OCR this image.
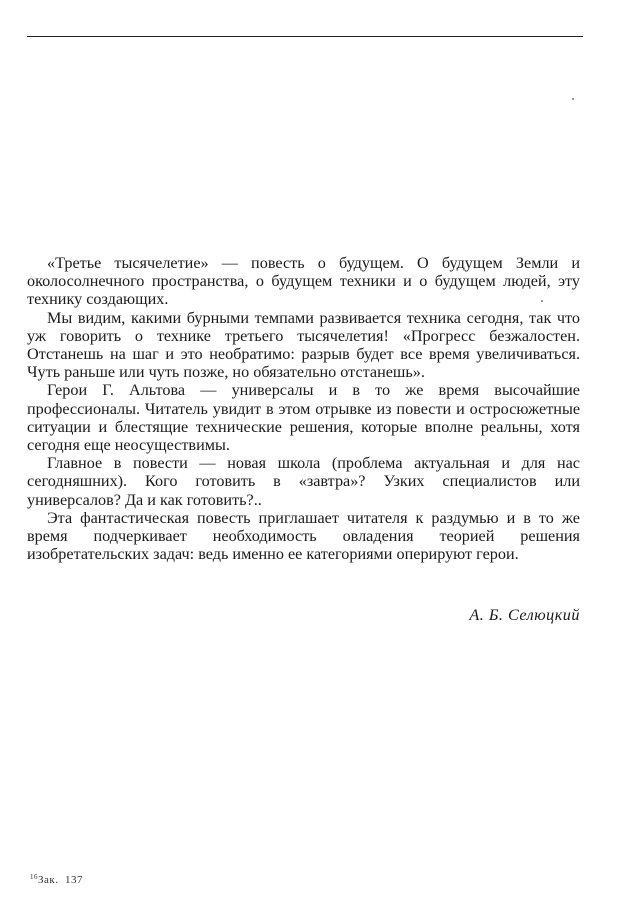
«Третье тысячелетие» — повесть о будущем. О будущем Земли и околосолнечного пространства, о будущем техники и о будущем людей, эту технику создающих.

Мы видим, какими бурными темпами развивается техника сегодня, так что уж говорить о технике третьего тысячелетия! «Прогресс безжалостен. Отстанешь на шаг и это необратимо: разрыв будет все время увеличиваться. Чуть раньше или чуть позже, но обязательно отстанешь».

Герои Г. Альтова — универсалы и в то же время высочайшие профессионалы. Читатель увидит в этом отрывке из повести и остросюжетные ситуации и блестящие технические решения, которые вполне реальны, хотя сегодня еще неосуществимы.

Главное в повести — новая школа (проблема актуальная и для нас сегодняшних). Кого готовить в «завтра»? Узких специалистов или универсалов? Да и как готовить?..

Эта фантастическая повесть приглашает читателя к раздумью и в то же время подчеркивает необходимость овладения теорией решения изобретательских задач: ведь именно ее категориями оперируют герои.

А. Б. Селюцкий
$^{16}$Зак. 137
